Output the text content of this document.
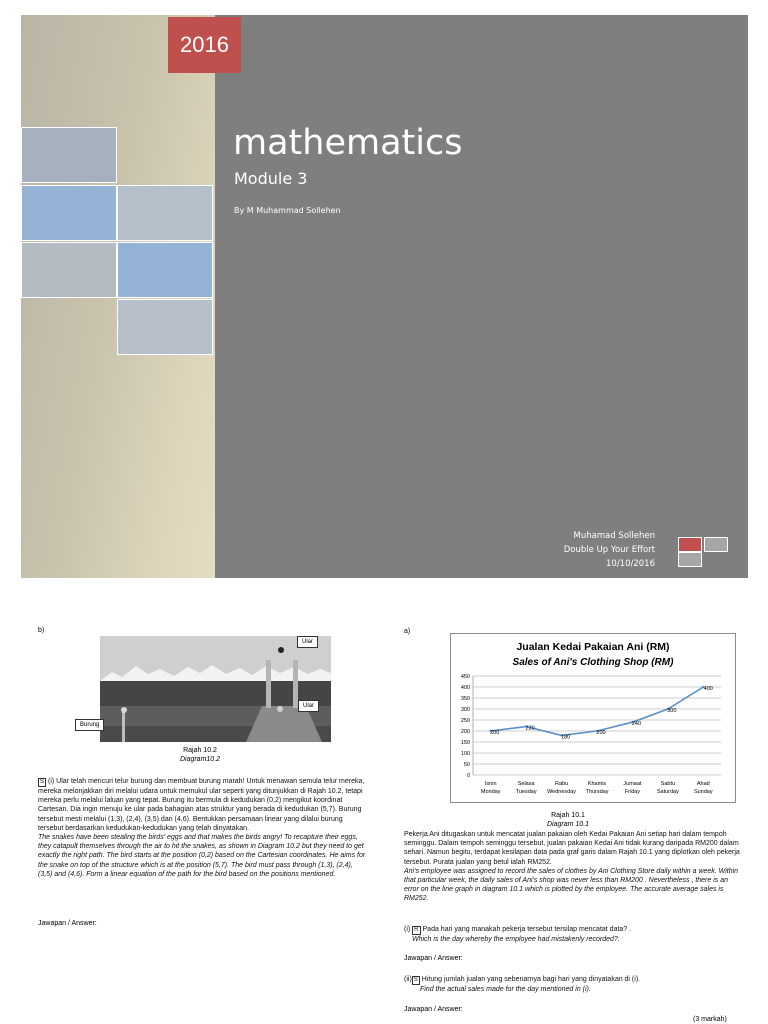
2016
mathematics
Module 3
By M Muhammad Sollehen
Muhamad Sollehen
Double Up Your Effort
10/10/2016
b)
Ular
Ular
Burung
Rajah 10.2
Diagram10.2
S (i) Ular telah mencuri telur burung dan membuat burung marah! Untuk menawan semula telur mereka, mereka melonjakkan diri melalui udara untuk memukul ular seperti yang ditunjukkan di Rajah 10.2, tetapi mereka perlu melalui laluan yang tepat. Burung itu bermula di kedudukan (0,2) mengikut koordinat Cartesan. Dia ingin menuju ke ular pada bahagian atas struktur yang berada di kedudukan (5,7). Burung tersebut mesti melalui (1,3), (2,4), (3,5) dan (4,6). Bentukkan persamaan linear yang dilalui burung tersebut berdasarkan kedudukan-kedudukan yang telah dinyatakan.
The snakes have been stealing the birds' eggs and that makes the birds angry! To recapture their eggs, they catapult themselves through the air to hit the snakes, as shown in Diagram 10.2 but they need to get exactly the right path. The bird starts at the position (0,2) based on the Cartesian coordinates. He aims for the snake on top of the structure which is at the position (5,7). The bird must pass through (1,3), (2,4), (3,5) and (4,6). Form a linear equation of the path for the bird based on the positions mentioned.
Jawapan / Answer:
a)
Jualan Kedai Pakaian Ani (RM)
Sales of Ani's Clothing Shop (RM)
0
50
100
150
200
250
300
350
400
450
Isnin
Monday
Selasa
Tuesday
Rabu
Wednesday
Khamis
Thursday
Jumaat
Friday
Sabtu
Saturday
Ahad
Sunday
200
220
180
200
240
300
400
Rajah 10.1
Diagram 10.1
Pekerja Ani ditugaskan untuk mencatat jualan pakaian oleh Kedai Pakaian Ani setiap hari dalam tempoh seminggu. Dalam tempoh seminggu tersebut, jualan pakaian Kedai Ani tidak kurang daripada RM200 dalam sehari. Namun begitu, terdapat kesilapan data pada graf garis dalam Rajah 10.1 yang diplotkan oleh pekerja tersebut. Purata jualan yang betul ialah RM252.
Ani's employee was assigned to record the sales of clothes by Ani Clothing Store daily within a week. Within that particular week, the daily sales of Ani's shop was never less than RM200 . Nevertheless , there is an error on the line graph in diagram 10.1 which is plotted by the employee. The accurate average sales is RM252.
(i) R Pada hari yang manakah pekerja tersebut tersilap mencatat data? .
Which is the day whereby the employee had mistakenly recorded?.
Jawapan / Answer:
(ii) S Hitung jumlah jualan yang sebenarnya bagi hari yang dinyatakan di (i).
Find the actual sales made for the day mentioned in (i).
Jawapan / Answer:
(3 markah)
